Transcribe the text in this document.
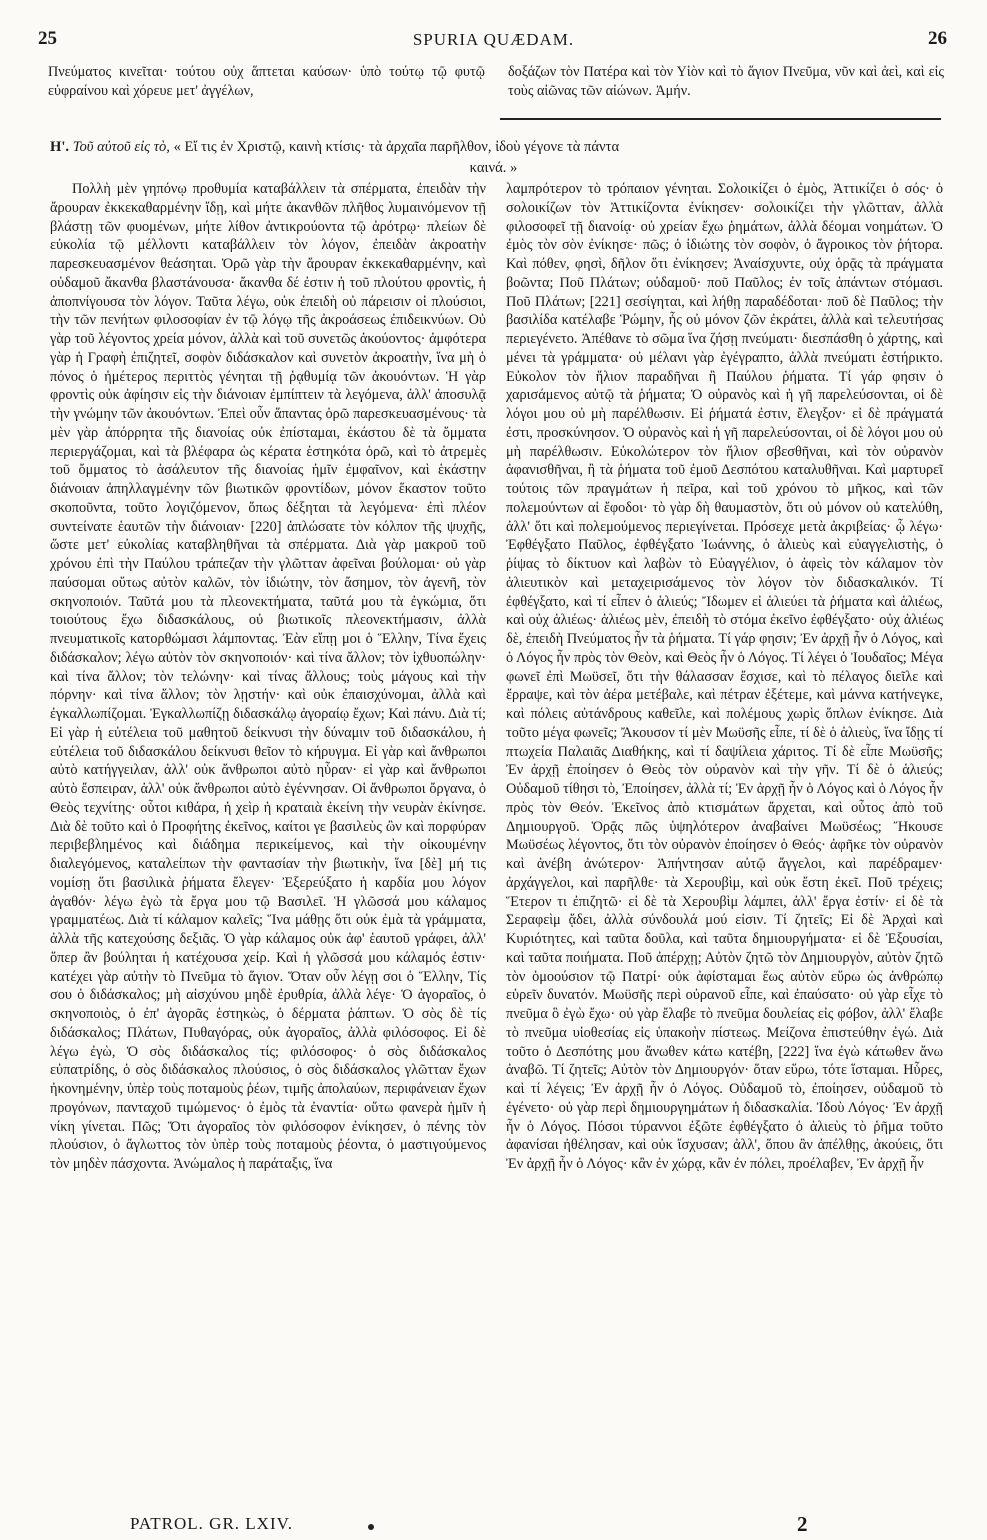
25	SPURIA QUÆDAM.	26

Πνεύματος κινεῖται· τούτου οὐχ ἅπτεται καύσων· ὑπὸ τούτῳ τῷ φυτῷ εὐφραίνου καὶ χόρευε μετ' ἀγγέλων,

δοξάζων τὸν Πατέρα καὶ τὸν Υἱὸν καὶ τὸ ἅγιον Πνεῦμα, νῦν καὶ ἀεὶ, καὶ εἰς τοὺς αἰῶνας τῶν αἰώνων. Ἀμήν.

Η'. Τοῦ αὐτοῦ εἰς τὸ, « Εἴ τις ἐν Χριστῷ, καινὴ κτίσις· τὰ ἀρχαῖα παρῆλθον, ἰδοὺ γέγονε τὰ πάντα
καινά. »

Πολλὴ μὲν γηπόνῳ προθυμία καταβάλλειν τὰ σπέρματα, ἐπειδὰν τὴν ἄρουραν ἐκκεκαθαρμένην ἴδῃ, καὶ μήτε ἀκανθῶν πλῆθος λυμαινόμενον τῇ βλάστῃ τῶν φυομένων, μήτε λίθον ἀντικρούοντα τῷ ἀρότρῳ· πλείων δὲ εὐκολία τῷ μέλλοντι καταβάλλειν τὸν λόγον, ἐπειδὰν ἀκροατὴν παρεσκευασμένον θεάσηται. Ὁρῶ γὰρ τὴν ἄρουραν ἐκκεκαθαρμένην, καὶ οὐδαμοῦ ἄκανθα βλαστάνουσα· ἄκανθα δέ ἐστιν ἡ τοῦ πλούτου φροντὶς, ἡ ἀποπνίγουσα τὸν λόγον. Ταῦτα λέγω, οὐκ ἐπειδὴ οὐ πάρεισιν οἱ πλούσιοι, τὴν τῶν πενήτων φιλοσοφίαν ἐν τῷ λόγῳ τῆς ἀκροάσεως ἐπιδεικνύων. Οὐ γὰρ τοῦ λέγοντος χρεία μόνον, ἀλλὰ καὶ τοῦ συνετῶς ἀκούοντος· ἀμφότερα γὰρ ἡ Γραφὴ ἐπιζητεῖ, σοφὸν διδάσκαλον καὶ συνετὸν ἀκροατὴν, ἵνα μὴ ὁ πόνος ὁ ἡμέτερος περιττὸς γένηται τῇ ῥᾳθυμίᾳ τῶν ἀκουόντων. Ἡ γὰρ φροντὶς οὐκ ἀφίησιν εἰς τὴν διάνοιαν ἐμπίπτειν τὰ λεγόμενα, ἀλλ' ἀποσυλᾷ τὴν γνώμην τῶν ἀκουόντων. Ἐπεὶ οὖν ἅπαντας ὁρῶ παρεσκευασμένους· τὰ μὲν γὰρ ἀπόρρητα τῆς διανοίας οὐκ ἐπίσταμαι, ἑκάστου δὲ τὰ ὄμματα περιεργάζομαι, καὶ τὰ βλέφαρα ὡς κέρατα ἑστηκότα ὁρῶ, καὶ τὸ ἀτρεμὲς τοῦ ὄμματος τὸ ἀσάλευτον τῆς διανοίας ἡμῖν ἐμφαῖνον, καὶ ἑκάστην διάνοιαν ἀπηλλαγμένην τῶν βιωτικῶν φροντίδων, μόνον ἕκαστον τοῦτο σκοποῦντα, τοῦτο λογιζόμενον, ὅπως δέξηται τὰ λεγόμενα· ἐπὶ πλέον συντείνατε ἑαυτῶν τὴν διάνοιαν· [220] ἁπλώσατε τὸν κόλπον τῆς ψυχῆς, ὥστε μετ' εὐκολίας καταβληθῆναι τὰ σπέρματα. Διὰ γὰρ μακροῦ τοῦ χρόνου ἐπὶ τὴν Παύλου τράπεζαν τὴν γλῶτταν ἀφεῖναι βούλομαι· οὐ γὰρ παύσομαι οὕτως αὐτὸν καλῶν, τὸν ἰδιώτην, τὸν ἄσημον, τὸν ἀγενῆ, τὸν σκηνοποιόν. Ταῦτά μου τὰ πλεονεκτήματα, ταῦτά μου τὰ ἐγκώμια, ὅτι τοιούτους ἔχω διδασκάλους, οὐ βιωτικοῖς πλεονεκτήμασιν, ἀλλὰ πνευματικοῖς κατορθώμασι λάμποντας. Ἐὰν εἴπῃ μοι ὁ Ἕλλην, Τίνα ἔχεις διδάσκαλον; λέγω αὐτὸν τὸν σκηνοποιόν· καὶ τίνα ἄλλον; τὸν ἰχθυοπώλην· καὶ τίνα ἄλλον; τὸν τελώνην· καὶ τίνας ἄλλους; τοὺς μάγους καὶ τὴν πόρνην· καὶ τίνα ἄλλον; τὸν λῃστήν· καὶ οὐκ ἐπαισχύνομαι, ἀλλὰ καὶ ἐγκαλλωπίζομαι. Ἐγκαλλωπίζῃ διδασκάλῳ ἀγοραίῳ ἔχων; Καὶ πάνυ. Διὰ τί; Εἰ γὰρ ἡ εὐτέλεια τοῦ μαθητοῦ δείκνυσι τὴν δύναμιν τοῦ διδασκάλου, ἡ εὐτέλεια τοῦ διδασκάλου δείκνυσι θεῖον τὸ κήρυγμα. Εἰ γὰρ καὶ ἄνθρωποι αὐτὸ κατήγγειλαν, ἀλλ' οὐκ ἄνθρωποι αὐτὸ ηὗραν· εἰ γὰρ καὶ ἄνθρωποι αὐτὸ ἔσπειραν, ἀλλ' οὐκ ἄνθρωποι αὐτὸ ἐγέννησαν. Οἱ ἄνθρωποι ὄργανα, ὁ Θεὸς τεχνίτης· οὗτοι κιθάρα, ἡ χεὶρ ἡ κραταιὰ ἐκείνη τὴν νευρὰν ἐκίνησε. Διὰ δὲ τοῦτο καὶ ὁ Προφήτης ἐκεῖνος, καίτοι γε βασιλεὺς ὢν καὶ πορφύραν περιβεβλημένος καὶ διάδημα περικείμενος, καὶ τὴν οἰκουμένην διαλεγόμενος, καταλείπων τὴν φαντασίαν τὴν βιωτικὴν, ἵνα [δὲ] μή τις νομίσῃ ὅτι βασιλικὰ ῥήματα ἔλεγεν· Ἐξερεύξατο ἡ καρδία μου λόγον ἀγαθόν· λέγω ἐγὼ τὰ ἔργα μου τῷ Βασιλεῖ. Ἡ γλῶσσά μου κάλαμος γραμματέως. Διὰ τί κάλαμον καλεῖς; Ἵνα μάθῃς ὅτι οὐκ ἐμὰ τὰ γράμματα, ἀλλὰ τῆς κατεχούσης δεξιᾶς. Ὁ γὰρ κάλαμος οὐκ ἀφ' ἑαυτοῦ γράφει, ἀλλ' ὅπερ ἂν βούληται ἡ κατέχουσα χείρ. Καὶ ἡ γλῶσσά μου κάλαμός ἐστιν· κατέχει γὰρ αὐτὴν τὸ Πνεῦμα τὸ ἅγιον. Ὅταν οὖν λέγῃ σοι ὁ Ἕλλην, Τίς σου ὁ διδάσκαλος; μὴ αἰσχύνου μηδὲ ἐρυθρία, ἀλλὰ λέγε· Ὁ ἀγοραῖος, ὁ σκηνοποιὸς, ὁ ἐπ' ἀγορᾶς ἑστηκὼς, ὁ δέρματα ῥάπτων. Ὁ σὸς δὲ τίς διδάσκαλος; Πλάτων, Πυθαγόρας, οὐκ ἀγοραῖος, ἀλλὰ φιλόσοφος. Εἰ δὲ λέγω ἐγὼ, Ὁ σὸς διδάσκαλος τίς; φιλόσοφος· ὁ σὸς διδάσκαλος εὐπατρίδης, ὁ σὸς διδάσκαλος πλούσιος, ὁ σὸς διδάσκαλος γλῶτταν ἔχων ἠκονημένην, ὑπὲρ τοὺς ποταμοὺς ῥέων, τιμῆς ἀπολαύων, περιφάνειαν ἔχων προγόνων, πανταχοῦ τιμώμενος· ὁ ἐμὸς τὰ ἐναντία· οὕτω φανερὰ ἡμῖν ἡ νίκη γίνεται. Πῶς; Ὅτι ἀγοραῖος τὸν φιλόσοφον ἐνίκησεν, ὁ πένης τὸν πλούσιον, ὁ ἄγλωττος τὸν ὑπὲρ τοὺς ποταμοὺς ῥέοντα, ὁ μαστιγούμενος τὸν μηδὲν πάσχοντα. Ἀνώμαλος ἡ παράταξις, ἵνα

λαμπρότερον τὸ τρόπαιον γένηται. Σολοικίζει ὁ ἐμὸς, Ἀττικίζει ὁ σός· ὁ σολοικίζων τὸν Ἀττικίζοντα ἐνίκησεν· σολοικίζει τὴν γλῶτταν, ἀλλὰ φιλοσοφεῖ τῇ διανοίᾳ· οὐ χρείαν ἔχω ῥημάτων, ἀλλὰ δέομαι νοημάτων. Ὁ ἐμὸς τὸν σὸν ἐνίκησε· πῶς; ὁ ἰδιώτης τὸν σοφὸν, ὁ ἄγροικος τὸν ῥήτορα. Καὶ πόθεν, φησὶ, δῆλον ὅτι ἐνίκησεν; Ἀναίσχυντε, οὐχ ὁρᾷς τὰ πράγματα βοῶντα; Ποῦ Πλάτων; οὐδαμοῦ· ποῦ Παῦλος; ἐν τοῖς ἁπάντων στόμασι. Ποῦ Πλάτων; [221] σεσίγηται, καὶ λήθῃ παραδέδοται· ποῦ δὲ Παῦλος; τὴν βασιλίδα κατέλαβε Ῥώμην, ἧς οὐ μόνον ζῶν ἐκράτει, ἀλλὰ καὶ τελευτήσας περιεγένετο. Ἀπέθανε τὸ σῶμα ἵνα ζήσῃ πνεύματι· διεσπάσθη ὁ χάρτης, καὶ μένει τὰ γράμματα· οὐ μέλανι γὰρ ἐγέγραπτο, ἀλλὰ πνεύματι ἐστήρικτο. Εὐκολον τὸν ἥλιον παραδῆναι ἢ Παύλου ῥήματα. Τί γάρ φησιν ὁ χαρισάμενος αὐτῷ τὰ ῥήματα; Ὁ οὐρανὸς καὶ ἡ γῆ παρελεύσονται, οἱ δὲ λόγοι μου οὐ μὴ παρέλθωσιν. Εἰ ῥήματά ἐστιν, ἔλεγξον· εἰ δὲ πράγματά ἐστι, προσκύνησον. Ὁ οὐρανὸς καὶ ἡ γῆ παρελεύσονται, οἱ δὲ λόγοι μου οὐ μὴ παρέλθωσιν. Εὐκολώτερον τὸν ἥλιον σβεσθῆναι, καὶ τὸν οὐρανὸν ἀφανισθῆναι, ἢ τὰ ῥήματα τοῦ ἐμοῦ Δεσπότου καταλυθῆναι. Καὶ μαρτυρεῖ τούτοις τῶν πραγμάτων ἡ πεῖρα, καὶ τοῦ χρόνου τὸ μῆκος, καὶ τῶν πολεμούντων αἱ ἔφοδοι· τὸ γὰρ δὴ θαυμαστὸν, ὅτι οὐ μόνον οὐ κατελύθη, ἀλλ' ὅτι καὶ πολεμούμενος περιεγίνεται. Πρόσεχε μετὰ ἀκριβείας· ᾧ λέγω· Ἐφθέγξατο Παῦλος, ἐφθέγξατο Ἰωάννης, ὁ ἁλιεὺς καὶ εὐαγγελιστὴς, ὁ ῥίψας τὸ δίκτυον καὶ λαβὼν τὸ Εὐαγγέλιον, ὁ ἀφεὶς τὸν κάλαμον τὸν ἁλιευτικὸν καὶ μεταχειρισάμενος τὸν λόγον τὸν διδασκαλικόν. Τί ἐφθέγξατο, καὶ τί εἶπεν ὁ ἁλιεύς; Ἴδωμεν εἰ ἁλιεύει τὰ ῥήματα καὶ ἁλιέως, καὶ οὐχ ἁλιέως· ἁλιέως μὲν, ἐπειδὴ τὸ στόμα ἐκεῖνο ἐφθέγξατο· οὐχ ἁλιέως δὲ, ἐπειδὴ Πνεύματος ἦν τὰ ῥήματα. Τί γάρ φησιν; Ἐν ἀρχῇ ἦν ὁ Λόγος, καὶ ὁ Λόγος ἦν πρὸς τὸν Θεὸν, καὶ Θεὸς ἦν ὁ Λόγος. Τί λέγει ὁ Ἰουδαῖος; Μέγα φωνεῖ ἐπὶ Μωϋσεῖ, ὅτι τὴν θάλασσαν ἔσχισε, καὶ τὸ πέλαγος διεῖλε καὶ ἔρραψε, καὶ τὸν ἀέρα μετέβαλε, καὶ πέτραν ἐξέτεμε, καὶ μάννα κατήνεγκε, καὶ πόλεις αὐτάνδρους καθεῖλε, καὶ πολέμους χωρὶς ὅπλων ἐνίκησε. Διὰ τοῦτο μέγα φωνεῖς; Ἄκουσον τί μὲν Μωϋσῆς εἶπε, τί δὲ ὁ ἁλιεὺς, ἵνα ἴδῃς τί πτωχεία Παλαιᾶς Διαθήκης, καὶ τί δαψίλεια χάριτος. Τί δὲ εἶπε Μωϋσῆς; Ἐν ἀρχῇ ἐποίησεν ὁ Θεὸς τὸν οὐρανὸν καὶ τὴν γῆν. Τί δὲ ὁ ἁλιεύς; Οὐδαμοῦ τίθησι τὸ, Ἐποίησεν, ἀλλὰ τί; Ἐν ἀρχῇ ἦν ὁ Λόγος καὶ ὁ Λόγος ἦν πρὸς τὸν Θεόν. Ἐκεῖνος ἀπὸ κτισμάτων ἄρχεται, καὶ οὗτος ἀπὸ τοῦ Δημιουργοῦ. Ὁρᾷς πῶς ὑψηλότερον ἀναβαίνει Μωϋσέως; Ἤκουσε Μωϋσέως λέγοντος, ὅτι τὸν οὐρανὸν ἐποίησεν ὁ Θεός· ἀφῆκε τὸν οὐρανὸν καὶ ἀνέβη ἀνώτερον· Ἀπήντησαν αὐτῷ ἄγγελοι, καὶ παρέδραμεν· ἀρχάγγελοι, καὶ παρῆλθε· τὰ Χερουβὶμ, καὶ οὐκ ἔστη ἐκεῖ. Ποῦ τρέχεις; Ἕτερον τι ἐπιζητῶ· εἰ δὲ τὰ Χερουβὶμ λάμπει, ἀλλ' ἔργα ἐστίν· εἰ δὲ τὰ Σεραφεὶμ ᾄδει, ἀλλὰ σύνδουλά μού εἰσιν. Τί ζητεῖς; Εἰ δὲ Ἀρχαὶ καὶ Κυριότητες, καὶ ταῦτα δοῦλα, καὶ ταῦτα δημιουργήματα· εἰ δὲ Ἐξουσίαι, καὶ ταῦτα ποιήματα. Ποῦ ἀπέρχῃ; Αὐτὸν ζητῶ τὸν Δημιουργὸν, αὐτὸν ζητῶ τὸν ὁμοούσιον τῷ Πατρί· οὐκ ἀφίσταμαι ἕως αὐτὸν εὕρω ὡς ἀνθρώπῳ εὑρεῖν δυνατόν. Μωϋσῆς περὶ οὐρανοῦ εἶπε, καὶ ἐπαύσατο· οὐ γὰρ εἶχε τὸ πνεῦμα ὃ ἐγὼ ἔχω· οὐ γὰρ ἔλαβε τὸ πνεῦμα δουλείας εἰς φόβον, ἀλλ' ἔλαβε τὸ πνεῦμα υἱοθεσίας εἰς ὑπακοὴν πίστεως. Μείζονα ἐπιστεύθην ἐγώ. Διὰ τοῦτο ὁ Δεσπότης μου ἄνωθεν κάτω κατέβη, [222] ἵνα ἐγὼ κάτωθεν ἄνω ἀναβῶ. Τί ζητεῖς; Αὐτὸν τὸν Δημιουργόν· ὅταν εὕρω, τότε ἵσταμαι. Ηὗρες, καὶ τί λέγεις; Ἐν ἀρχῇ ἦν ὁ Λόγος. Οὐδαμοῦ τὸ, ἐποίησεν, οὐδαμοῦ τὸ ἐγένετο· οὐ γὰρ περὶ δημιουργημάτων ἡ διδασκαλία. Ἰδοὺ Λόγος· Ἐν ἀρχῇ ἦν ὁ Λόγος. Πόσοι τύραννοι ἐξῶτε ἐφθέγξατο ὁ ἁλιεὺς τὸ ῥῆμα τοῦτο ἀφανίσαι ἠθέλησαν, καὶ οὐκ ἴσχυσαν; ἀλλ', ὅπου ἂν ἀπέλθῃς, ἀκούεις, ὅτι Ἐν ἀρχῇ ἦν ὁ Λόγος· κἂν ἐν χώρᾳ, κἂν ἐν πόλει, προέλαβεν, Ἐν ἀρχῇ ἦν

PATROL. GR. LXIV.	2
